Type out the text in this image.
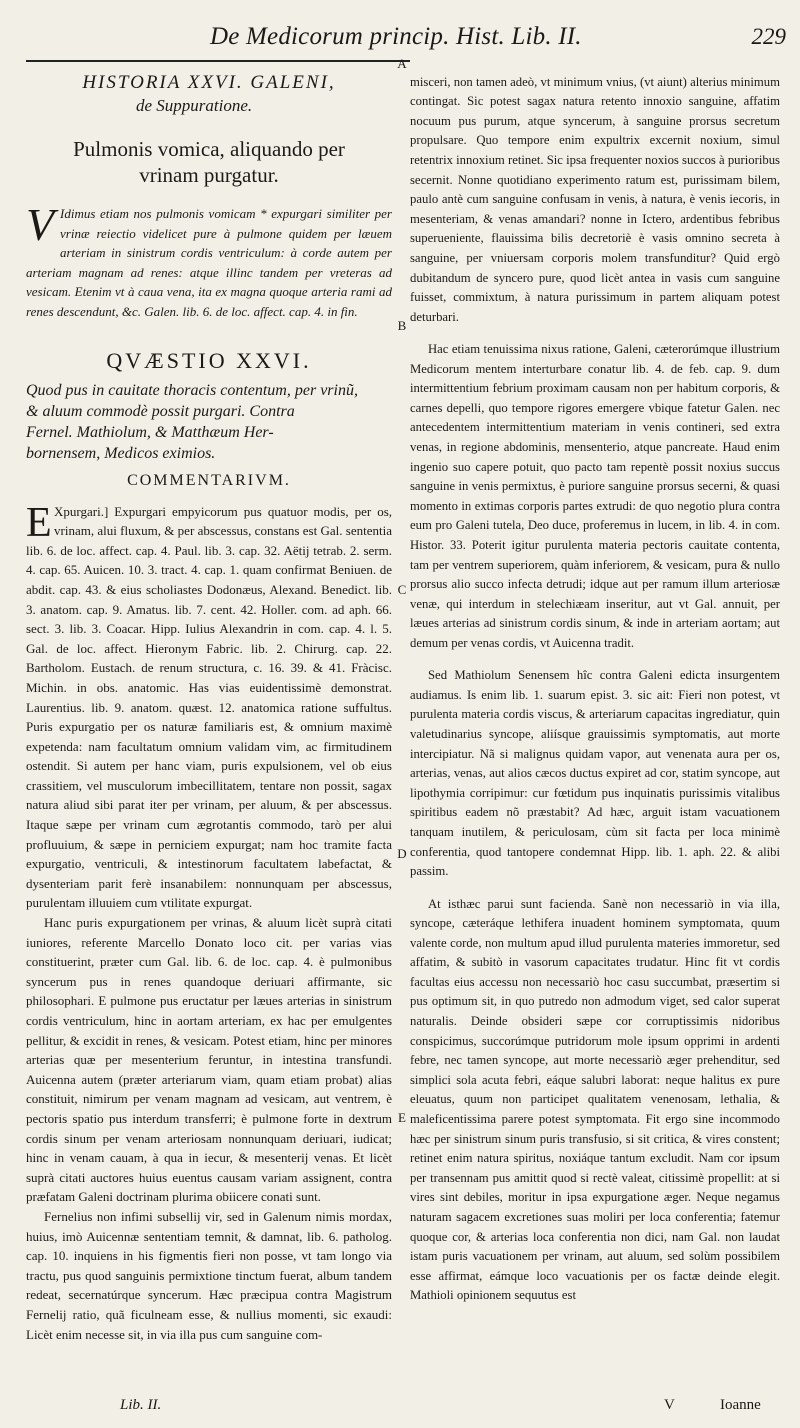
De Medicorum princip. Hist. Lib. II.	229
HISTORIA XXVI. GALENI,
de Suppuratione.
Pulmonis vomica, aliquando per
vrinam purgatur.
V Idimus etiam nos pulmonis vomicam * expurgari similiter per vrinæ reiectio videlicet pure à pulmone quidem per læuem arteriam in sinistrum cordis ventriculum: à corde autem per arteriam magnam ad renes: atque illinc tandem per vreteras ad vesicam. Etenim vt à caua vena, ita ex magna quoque arteria rami ad renes descendunt, &c. Galen. lib. 6. de loc. affect. cap. 4. in fin.
QVÆSTIO XXVI.
Quod pus in cauitate thoracis contentum, per vrinũ,
& aluum commodè possit purgari. Contra
Fernel. Mathiolum, & Matthæum Her-
bornensem, Medicos eximios.
COMMENTARIVM.

E Xpurgari.] Expurgari empyicorum pus quatuor modis, per os, vrinam, alui fluxum, & per abscessus, constans est Gal. sententia lib. 6. de loc. affect. cap. 4. Paul. lib. 3. cap. 32. Aëtij tetrab. 2. serm. 4. cap. 65. Auicen. 10. 3. tract. 4. cap. 1. quam confirmat Beniuen. de abdit. cap. 43. & eius scholiastes Dodonæus, Alexand. Benedict. lib. 3. anatom. cap. 9. Amatus. lib. 7. cent. 42. Holler. com. ad aph. 66. sect. 3. lib. 3. Coacar. Hipp. Iulius Alexandrin in com. cap. 4. l. 5. Gal. de loc. affect. Hieronym Fabric. lib. 2. Chirurg. cap. 22. Bartholom. Eustach. de renum structura, c. 16. 39. & 41. Fràcisc. Michin. in obs. anatomic. Has vias euidentissimè demonstrat. Laurentius. lib. 9. anatom. quæst. 12. anatomica ratione suffultus. Puris expurgatio per os naturæ familiaris est, & omnium maximè expetenda: nam facultatum omnium validam vim, ac firmitudinem ostendit. Si autem per hanc viam, puris expulsionem, vel ob eius crassitiem, vel musculorum imbecillitatem, tentare non possit, sagax natura aliud sibi parat iter per vrinam, per aluum, & per abscessus. Itaque sæpe per vrinam cum ægrotantis commodo, tarò per alui profluuium, & sæpe in perniciem expurgat; nam hoc tramite facta expurgatio, ventriculi, & intestinorum facultatem labefactat, & dysenteriam parit ferè insanabilem: nonnunquam per abscessus, purulentam illuuiem cum vtilitate expurgat.

Hanc puris expurgationem per vrinas, & aluum licèt suprà citati iuniores, referente Marcello Donato loco cit. per varias vias constituerint, præter cum Gal. lib. 6. de loc. cap. 4. è pulmonibus syncerum pus in renes quandoque deriuari affirmante, sic philosophari. E pulmone pus eructatur per læues arterias in sinistrum cordis ventriculum, hinc in aortam arteriam, ex hac per emulgentes pellitur, & excidit in renes, & vesicam. Potest etiam, hinc per minores arterias quæ per mesenterium feruntur, in intestina transfundi. Auicenna autem (præter arteriarum viam, quam etiam probat) alias constituit, nimirum per venam magnam ad vesicam, aut ventrem, è pectoris spatio pus interdum transferri; è pulmone forte in dextrum cordis sinum per venam arteriosam nonnunquam deriuari, iudicat; hinc in venam cauam, à qua in iecur, & mesenterij venas. Et licèt suprà citati auctores huius euentus causam variam assignent, contra præfatam Galeni doctrinam plurima obiicere conati sunt.

Fernelius non infimi subsellij vir, sed in Galenum nimis mordax, huius, imò Auicennæ sententiam temnit, & damnat, lib. 6. patholog. cap. 10. inquiens in his figmentis fieri non posse, vt tam longo via tractu, pus quod sanguinis permixtione tinctum fuerat, album tandem redeat, secernatúrque syncerum. Hæc præcipua contra Magistrum Fernelij ratio, quã ficulneam esse, & nullius momenti, sic exaudi: Licèt enim necesse sit, in via illa pus cum sanguine com-

A
B
C
D
E

misceri, non tamen adeò, vt minimum vnius, (vt aiunt) alterius minimum contingat. Sic potest sagax natura retento innoxio sanguine, affatim nocuum pus purum, atque syncerum, à sanguine prorsus secretum propulsare. Quo tempore enim expultrix excernit noxium, simul retentrix innoxium retinet. Sic ipsa frequenter noxios succos à purioribus secernit. Nonne quotidiano experimento ratum est, purissimam bilem, paulo antè cum sanguine confusam in venis, à natura, è venis iecoris, in mesenteriam, & venas amandari? nonne in Ictero, ardentibus febribus superueniente, flauissima bilis decretoriè è vasis omnino secreta à sanguine, per vniuersam corporis molem transfunditur? Quid ergò dubitandum de syncero pure, quod licèt antea in vasis cum sanguine fuisset, commixtum, à natura purissimum in partem aliquam potest deturbari.

Hac etiam tenuissima nixus ratione, Galeni, cæterorúmque illustrium Medicorum mentem interturbare conatur lib. 4. de feb. cap. 9. dum intermittentium febrium proximam causam non per habitum corporis, & carnes depelli, quo tempore rigores emergere vbique fatetur Galen. nec antecedentem intermittentium materiam in venis contineri, sed extra venas, in regione abdominis, mensenterio, atque pancreate. Haud enim ingenio suo capere potuit, quo pacto tam repentè possit noxius succus sanguine in venis permixtus, è puriore sanguine prorsus secerni, & quasi momento in extimas corporis partes extrudi: de quo negotio plura contra eum pro Galeni tutela, Deo duce, proferemus in lucem, in lib. 4. in com. Histor. 33. Poterit igitur purulenta materia pectoris cauitate contenta, tam per ventrem superiorem, quàm inferiorem, & vesicam, pura & nullo prorsus alio succo infecta detrudi; idque aut per ramum illum arteriosæ venæ, qui interdum in stelechiæam inseritur, aut vt Gal. annuit, per læues arterias ad sinistrum cordis sinum, & inde in arteriam aortam; aut demum per venas cordis, vt Auicenna tradit.

Sed Mathiolum Senensem hîc contra Galeni edicta insurgentem audiamus. Is enim lib. 1. suarum epist. 3. sic ait: Fieri non potest, vt purulenta materia cordis viscus, & arteriarum capacitas ingrediatur, quin valetudinarius syncope, aliísque grauissimis symptomatis, aut morte intercipiatur. Nã si malignus quidam vapor, aut venenata aura per os, arterias, venas, aut alios cæcos ductus expiret ad cor, statim syncope, aut lipothymia corripimur: cur fœtidum pus inquinatis purissimis vitalibus spiritibus eadem nõ præstabit? Ad hæc, arguit istam vacuationem tanquam inutilem, & periculosam, cùm sit facta per loca minimè conferentia, quod tantopere condemnat Hipp. lib. 1. aph. 22. & alibi passim.

At isthæc parui sunt facienda. Sanè non necessariò in via illa, syncope, cæteráque lethifera inuadent hominem symptomata, quum valente corde, non multum apud illud purulenta materies immoretur, sed affatim, & subitò in vasorum capacitates trudatur. Hinc fit vt cordis facultas eius accessu non necessariò hoc casu succumbat, præsertim si pus optimum sit, in quo putredo non admodum viget, sed calor superat naturalis. Deinde obsideri sæpe cor corruptissimis nidoribus conspicimus, succorúmque putridorum mole ipsum opprimi in ardenti febre, nec tamen syncope, aut morte necessariò æger prehenditur, sed simplici sola acuta febri, eáque salubri laborat: neque halitus ex pure eleuatus, quum non participet qualitatem venenosam, lethalia, & maleficentissima parere potest symptomata. Fit ergo sine incommodo hæc per sinistrum sinum puris transfusio, si sit critica, & vires constent; retinet enim natura spiritus, noxiáque tantum excludit. Nam cor ipsum per transennam pus amittit quod si rectè valeat, citissimè propellit: at si vires sint debiles, moritur in ipsa expurgatione æger. Neque negamus naturam sagacem excretiones suas moliri per loca conferentia; fatemur quoque cor, & arterias loca conferentia non dici, nam Gal. non laudat istam puris vacuationem per vrinam, aut aluum, sed solùm possibilem esse affirmat, eámque loco vacuationis per os factæ deinde elegit. Mathioli opinionem sequutus est

Lib. II.	V	Ioanne
